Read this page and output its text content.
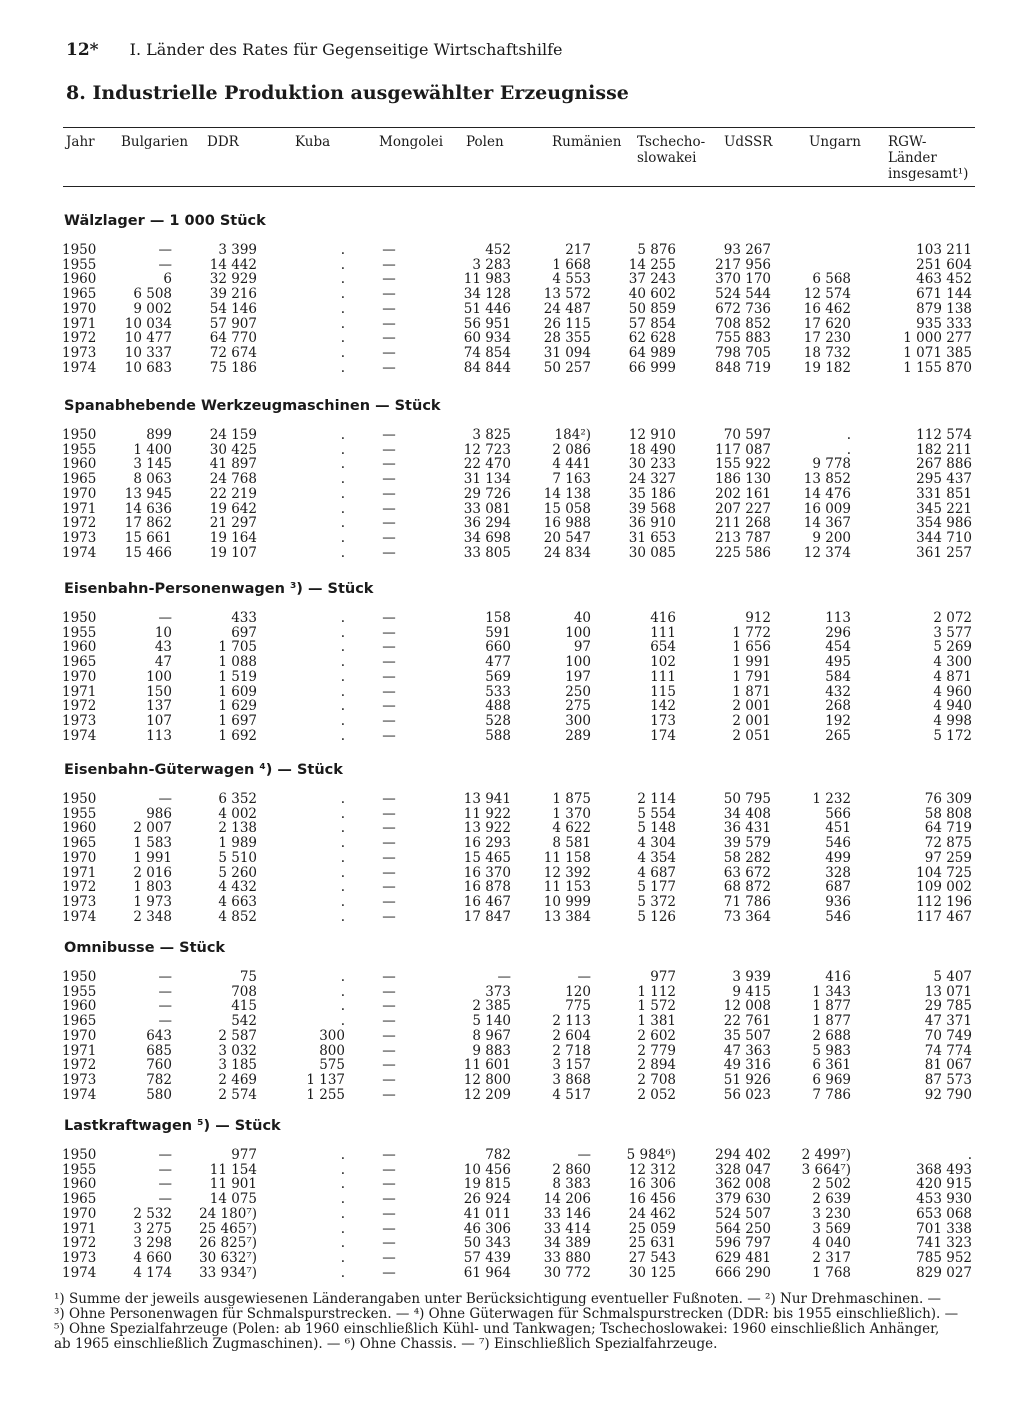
12* I. Länder des Rates für Gegenseitige Wirtschaftshilfe
8. Industrielle Produktion ausgewählter Erzeugnisse
Jahr Bulgarien DDR	Kuba	Mongolei Polen	Rumänien Tschecho-
slowakei
UdSSR	Ungarn RGW-
Länder
insgesamt¹)
Wälzlager — 1 000 Stück
1950	—	3 399	.	—	452	217	5 876	93 267		103 211
1955	—	14 442	.	—	3 283	1 668	14 255	217 956		251 604
1960	6	32 929	.	—	11 983	4 553	37 243	370 170	6 568	463 452
1965	6 508	39 216	.	—	34 128	13 572	40 602	524 544	12 574	671 144
1970	9 002	54 146	.	—	51 446	24 487	50 859	672 736	16 462	879 138
1971	10 034	57 907	.	—	56 951	26 115	57 854	708 852	17 620	935 333
1972	10 477	64 770	.	—	60 934	28 355	62 628	755 883	17 230	1 000 277
1973	10 337	72 674	.	—	74 854	31 094	64 989	798 705	18 732	1 071 385
1974	10 683	75 186	.	—	84 844	50 257	66 999	848 719	19 182	1 155 870
Spanabhebende Werkzeugmaschinen — Stück
1950	899	24 159	.	—	3 825	184²)	12 910	70 597	.	112 574
1955	1 400	30 425	.	—	12 723	2 086	18 490	117 087	.	182 211
1960	3 145	41 897	.	—	22 470	4 441	30 233	155 922	9 778	267 886
1965	8 063	24 768	.	—	31 134	7 163	24 327	186 130	13 852	295 437
1970	13 945	22 219	.	—	29 726	14 138	35 186	202 161	14 476	331 851
1971	14 636	19 642	.	—	33 081	15 058	39 568	207 227	16 009	345 221
1972	17 862	21 297	.	—	36 294	16 988	36 910	211 268	14 367	354 986
1973	15 661	19 164	.	—	34 698	20 547	31 653	213 787	9 200	344 710
1974	15 466	19 107	.	—	33 805	24 834	30 085	225 586	12 374	361 257
Eisenbahn-Personenwagen ³) — Stück
1950	—	433	.	—	158	40	416	912	113	2 072
1955	10	697	.	—	591	100	111	1 772	296	3 577
1960	43	1 705	.	—	660	97	654	1 656	454	5 269
1965	47	1 088	.	—	477	100	102	1 991	495	4 300
1970	100	1 519	.	—	569	197	111	1 791	584	4 871
1971	150	1 609	.	—	533	250	115	1 871	432	4 960
1972	137	1 629	.	—	488	275	142	2 001	268	4 940
1973	107	1 697	.	—	528	300	173	2 001	192	4 998
1974	113	1 692	.	—	588	289	174	2 051	265	5 172
Eisenbahn-Güterwagen ⁴) — Stück
1950	—	6 352	.	—	13 941	1 875	2 114	50 795	1 232	76 309
1955	986	4 002	.	—	11 922	1 370	5 554	34 408	566	58 808
1960	2 007	2 138	.	—	13 922	4 622	5 148	36 431	451	64 719
1965	1 583	1 989	.	—	16 293	8 581	4 304	39 579	546	72 875
1970	1 991	5 510	.	—	15 465	11 158	4 354	58 282	499	97 259
1971	2 016	5 260	.	—	16 370	12 392	4 687	63 672	328	104 725
1972	1 803	4 432	.	—	16 878	11 153	5 177	68 872	687	109 002
1973	1 973	4 663	.	—	16 467	10 999	5 372	71 786	936	112 196
1974	2 348	4 852	.	—	17 847	13 384	5 126	73 364	546	117 467
Omnibusse — Stück
1950	—	75	.	—	—	—	977	3 939	416	5 407
1955	—	708	.	—	373	120	1 112	9 415	1 343	13 071
1960	—	415	.	—	2 385	775	1 572	12 008	1 877	29 785
1965	—	542	.	—	5 140	2 113	1 381	22 761	1 877	47 371
1970	643	2 587	300	—	8 967	2 604	2 602	35 507	2 688	70 749
1971	685	3 032	800	—	9 883	2 718	2 779	47 363	5 983	74 774
1972	760	3 185	575	—	11 601	3 157	2 894	49 316	6 361	81 067
1973	782	2 469	1 137	—	12 800	3 868	2 708	51 926	6 969	87 573
1974	580	2 574	1 255	—	12 209	4 517	2 052	56 023	7 786	92 790
Lastkraftwagen ⁵) — Stück
1950	—	977	.	—	782	—	5 984⁶)	294 402	2 499⁷)	.
1955	—	11 154	.	—	10 456	2 860	12 312	328 047	3 664⁷)	368 493
1960	—	11 901	.	—	19 815	8 383	16 306	362 008	2 502	420 915
1965	—	14 075	.	—	26 924	14 206	16 456	379 630	2 639	453 930
1970	2 532	24 180⁷)	.	—	41 011	33 146	24 462	524 507	3 230	653 068
1971	3 275	25 465⁷)	.	—	46 306	33 414	25 059	564 250	3 569	701 338
1972	3 298	26 825⁷)	.	—	50 343	34 389	25 631	596 797	4 040	741 323
1973	4 660	30 632⁷)	.	—	57 439	33 880	27 543	629 481	2 317	785 952
1974	4 174	33 934⁷)	.	—	61 964	30 772	30 125	666 290	1 768	829 027

¹) Summe der jeweils ausgewiesenen Länderangaben unter Berücksichtigung eventueller Fußnoten. — ²) Nur Drehmaschinen. —

³) Ohne Personenwagen für Schmalspurstrecken. — ⁴) Ohne Güterwagen für Schmalspurstrecken (DDR: bis 1955 einschließlich). —

⁵) Ohne Spezialfahrzeuge (Polen: ab 1960 einschließlich Kühl- und Tankwagen; Tschechoslowakei: 1960 einschließlich Anhänger,

ab 1965 einschließlich Zugmaschinen). — ⁶) Ohne Chassis. — ⁷) Einschließlich Spezialfahrzeuge.
